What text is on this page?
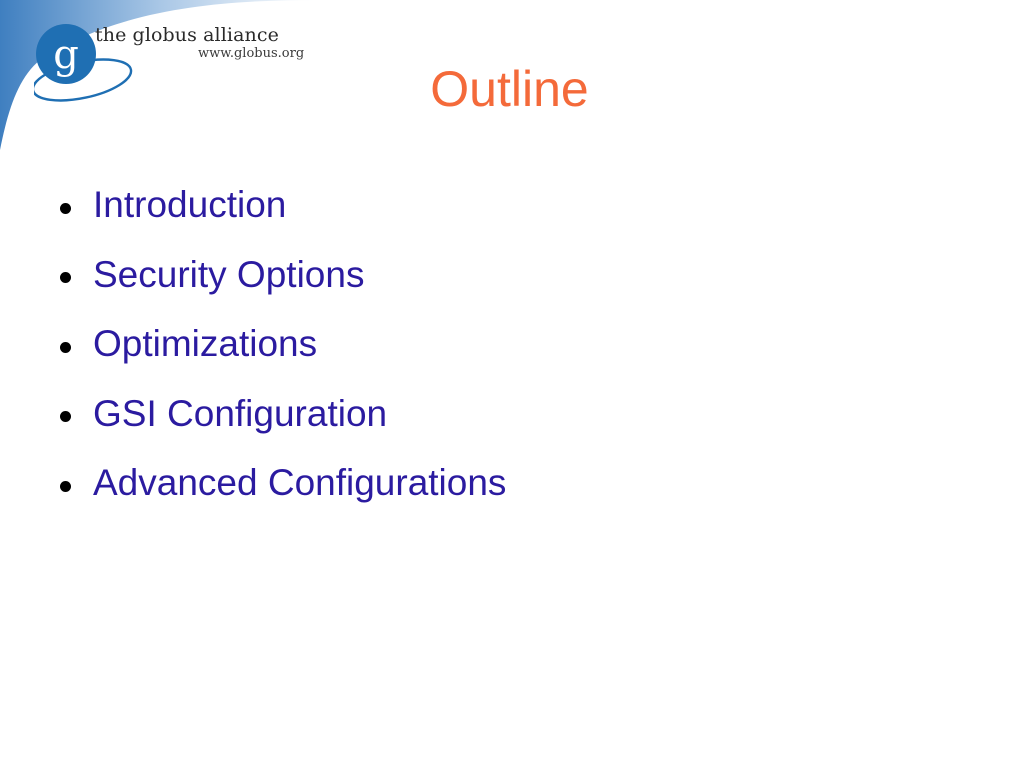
g the globus alliance
www.globus.org
Outline
Introduction
Security Options
Optimizations
GSI Configuration
Advanced Configurations
